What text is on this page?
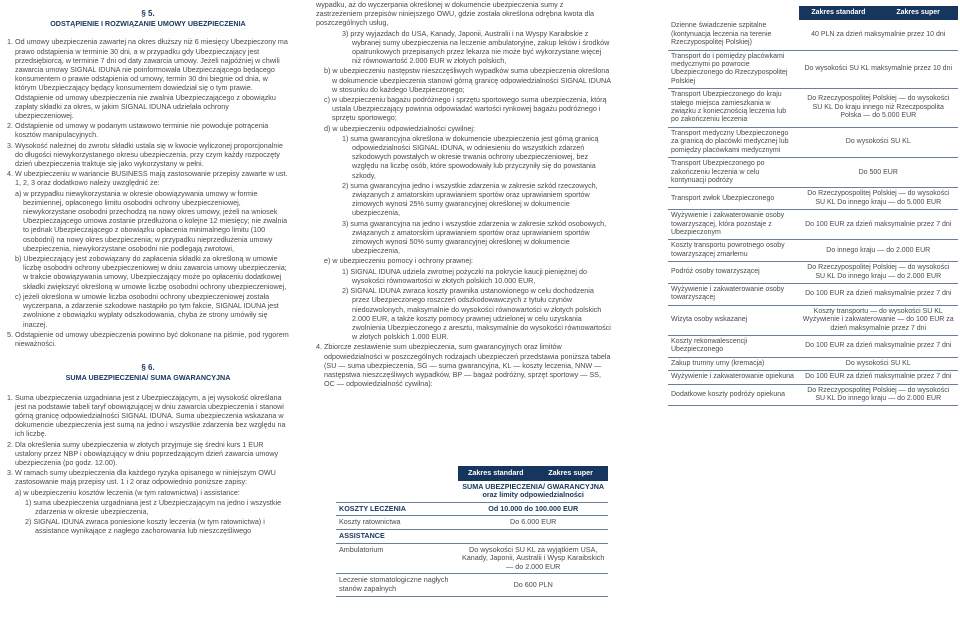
§ 5.

ODSTĄPIENIE I ROZWIĄZANIE UMOWY UBEZPIECZENIA

1. Od umowy ubezpieczenia zawartej na okres dłuższy niż 6 miesięcy Ubezpieczony ma prawo odstąpienia w terminie 30 dni, a w przypadku gdy Ubezpieczający jest przedsiębiorcą, w terminie 7 dni od daty zawarcia umowy. Jeżeli najpóźniej w chwili zawarcia umowy SIGNAL IDUNA nie poinformowała Ubezpieczającego będącego konsumentem o prawie odstąpienia od umowy, termin 30 dni biegnie od dnia, w którym Ubezpieczający będący konsumentem dowiedział się o tym prawie. Odstąpienie od umowy ubezpieczenia nie zwalnia Ubezpieczającego z obowiązku zapłaty składki za okres, w jakim SIGNAL IDUNA udzielała ochrony ubezpieczeniowej.

2. Odstąpienie od umowy w podanym ustawowo terminie nie powoduje potrącenia kosztów manipulacyjnych.

3. Wysokość należnej do zwrotu składki ustala się w kwocie wyliczonej proporcjonalnie do długości niewykorzystanego okresu ubezpieczenia, przy czym każdy rozpoczęty dzień ubezpieczenia traktuje się jako wykorzystany w pełni.

4. W ubezpieczeniu w wariancie BUSINESS mają zastosowanie przepisy zawarte w ust. 1, 2, 3 oraz dodatkowo należy uwzględnić że:

a) w przypadku niewykorzystania w okresie obowiązywania umowy w formie bezimiennej, opłaconego limitu osobodni ochrony ubezpieczeniowej, niewykorzystane osobodni przechodzą na nowy okres umowy, jeżeli na wniosek Ubezpieczającego umowa zostanie przedłużona o kolejne 12 miesięcy; nie zwalnia to jednak Ubezpieczającego z obowiązku opłacenia minimalnego limitu (100 osobodni) na nowy okres ubezpieczenia; w przypadku nieprzedłużenia umowy ubezpieczenia, niewykorzystane osobodni nie podlegają zwrotowi,

b) Ubezpieczający jest zobowiązany do zapłacenia składki za określoną w umowie liczbę osobodni ochrony ubezpieczeniowej w dniu zawarcia umowy ubezpieczenia; w trakcie obowiązywania umowy, Ubezpieczający może po opłaceniu dodatkowej składki zwiększyć określoną w umowie liczbę osobodni ochrony ubezpieczeniowej,

c) jeżeli określona w umowie liczba osobodni ochrony ubezpieczeniowej została wyczerpana, a zdarzenie szkodowe nastąpiło po tym fakcie, SIGNAL IDUNA jest zwolnione z obowiązku wypłaty odszkodowania, chyba że strony umówiły się inaczej.

5. Odstąpienie od umowy ubezpieczenia powinno być dokonane na piśmie, pod rygorem nieważności.

§ 6.

SUMA UBEZPIECZENIA/ SUMA GWARANCYJNA

1. Suma ubezpieczenia uzgadniana jest z Ubezpieczającym, a jej wysokość określana jest na podstawie tabeli taryf obowiązującej w dniu zawarcia ubezpieczenia i stanowi górną granicę odpowiedzialności SIGNAL IDUNA. Suma ubezpieczenia wskazana w dokumencie ubezpieczenia jest sumą na jedno i wszystkie zdarzenia bez względu na ich liczbę.

2. Dla określenia sumy ubezpieczenia w złotych przyjmuje się średni kurs 1 EUR ustalony przez NBP i obowiązujący w dniu poprzedzającym dzień zawarcia umowy ubezpieczenia (po godz. 12.00).

3. W ramach sumy ubezpieczenia dla każdego ryzyka opisanego w niniejszym OWU zastosowanie mają przepisy ust. 1 i 2 oraz odpowiednio poniższe zapisy:

a) w ubezpieczeniu kosztów leczenia (w tym ratownictwa) i assistance:

1) suma ubezpieczenia uzgadniana jest z Ubezpieczającym na jedno i wszystkie zdarzenia w okresie ubezpieczenia,

2) SIGNAL IDUNA zwraca poniesione koszty leczenia (w tym ratownictwa) i assistance wynikające z nagłego zachorowania lub nieszczęśliwego

wypadku, aż do wyczerpania określonej w dokumencie ubezpieczenia sumy z zastrzeżeniem przepisów niniejszego OWU, gdzie została określona odrębna kwota dla poszczególnych usług,

3) przy wyjazdach do USA, Kanady, Japonii, Australii i na Wyspy Karaibskie z wybranej sumy ubezpieczenia na leczenie ambulatoryjne, zakup leków i środków opatrunkowych przepisanych przez lekarza nie może być wykorzystane więcej niż równowartość 2.000 EUR w złotych polskich,

b) w ubezpieczeniu następstw nieszczęśliwych wypadków suma ubezpieczenia określona w dokumencie ubezpieczenia stanowi górną granicę odpowiedzialności SIGNAL IDUNA w stosunku do każdego Ubezpieczonego;

c) w ubezpieczeniu bagażu podróżnego i sprzętu sportowego suma ubezpieczenia, którą ustala Ubezpieczający powinna odpowiadać wartości rynkowej bagażu podróżnego i sprzętu sportowego;

d) w ubezpieczeniu odpowiedzialności cywilnej:

1) suma gwarancyjna określona w dokumencie ubezpieczenia jest górną granicą odpowiedzialności SIGNAL IDUNA, w odniesieniu do wszystkich zdarzeń szkodowych powstałych w okresie trwania ochrony ubezpieczeniowej, bez względu na liczbę osób, które spowodowały lub przyczyniły się do powstania szkody,

2) suma gwarancyjna jedno i wszystkie zdarzenia w zakresie szkód rzeczowych, związanych z amatorskim uprawianiem sportów oraz uprawianiem sportów zimowych wynosi 25% sumy gwarancyjnej określonej w dokumencie ubezpieczenia,

3) suma gwarancyjna na jedno i wszystkie zdarzenia w zakresie szkód osobowych, związanych z amatorskim uprawianiem sportów oraz uprawianiem sportów zimowych wynosi 50% sumy gwarancyjnej określonej w dokumencie ubezpieczenia,

e) w ubezpieczeniu pomocy i ochrony prawnej:

1) SIGNAL IDUNA udziela zwrotnej pożyczki na pokrycie kaucji pieniężnej do wysokości równowartości w złotych polskich 10.000 EUR,

2) SIGNAL IDUNA zwraca koszty prawnika ustanowionego w celu dochodzenia przez Ubezpieczonego roszczeń odszkodowawczych z tytułu czynów niedozwolonych, maksymalnie do wysokości równowartości w złotych polskich 2.000 EUR, a także koszty pomocy prawnej udzielonej w celu uzyskania zwolnienia Ubezpieczonego z aresztu, maksymalnie do wysokości równowartości w złotych polskich 1.000 EUR.

4. Zbiorcze zestawienie sum ubezpieczenia, sum gwarancyjnych oraz limitów odpowiedzialności w poszczególnych rodzajach ubezpieczeń przedstawia poniższa tabela (SU — suma ubezpieczenia, SG — suma gwarancyjna, KL — koszty leczenia, NNW — następstwa nieszczęśliwych wypadków, BP — bagaż podróżny, sprzęt sportowy — SS, OC — odpowiedzialność cywilna):

	Zakres standard Zakres super

	SUMA UBEZPIECZENIA/ GWARANCYJNA oraz limity odpowiedzialności
KOSZTY LECZENIA	Od 10.000 do 100.000 EUR
Koszty ratownictwa	Do 6.000 EUR
ASSISTANCE	
Ambulatorium	Do wysokości SU KL za wyjątkiem USA, Kanady, Japonii, Australii i Wysp Karaibskich — do 2.000 EUR
Leczenie stomatologiczne nagłych stanów zapalnych	Do 600 PLN

	Zakres standard Zakres super

Dzienne świadczenie szpitalne (kontynuacja leczenia na terenie Rzeczypospolitej Polskiej)	40 PLN za dzień maksymalnie przez 10 dni
Transport do i pomiędzy placówkami medycznymi po powrocie Ubezpieczonego do Rzeczypospolitej Polskiej	Do wysokości SU KL maksymalnie przez 10 dni
Transport Ubezpieczonego do kraju stałego miejsca zamieszkania w związku z koniecznością leczenia lub po zakończeniu leczenia	Do Rzeczypospolitej Polskiej — do wysokości SU KL Do kraju innego niż Rzeczpospolita Polska — do 5.000 EUR
Transport medyczny Ubezpieczonego za granicą do placówki medycznej lub pomiędzy placówkami medycznymi	Do wysokości SU KL
Transport Ubezpieczonego po zakończeniu leczenia w celu kontynuacji podróży	Do 500 EUR
Transport zwłok Ubezpieczonego	Do Rzeczypospolitej Polskiej — do wysokości SU KL Do innego kraju — do 5.000 EUR
Wyżywienie i zakwaterowanie osoby towarzyszącej, która pozostaje z Ubezpieczonym	Do 100 EUR za dzień maksymalnie przez 7 dni
Koszty transportu powrotnego osoby towarzyszącej zmarłemu	Do innego kraju — do 2.000 EUR
Podróż osoby towarzyszącej	Do Rzeczypospolitej Polskiej — do wysokości SU KL Do innego kraju — do 2.000 EUR
Wyżywienie i zakwaterowanie osoby towarzyszącej	Do 100 EUR za dzień maksymalnie przez 7 dni
Wizyta osoby wskazanej	Koszty transportu — do wysokości SU KL Wyżywienie i zakwaterowanie — do 100 EUR za dzień maksymalnie przez 7 dni
Koszty rekonwalescencji Ubezpieczonego	Do 100 EUR za dzień maksymalnie przez 7 dni
Zakup trumny urny (kremacja)	Do wysokości SU KL
Wyżywienie i zakwaterowanie opiekuna	Do 100 EUR za dzień maksymalnie przez 7 dni
Dodatkowe koszty podróży opiekuna	Do Rzeczypospolitej Polskiej — do wysokości SU KL Do innego kraju — do 2.000 EUR
